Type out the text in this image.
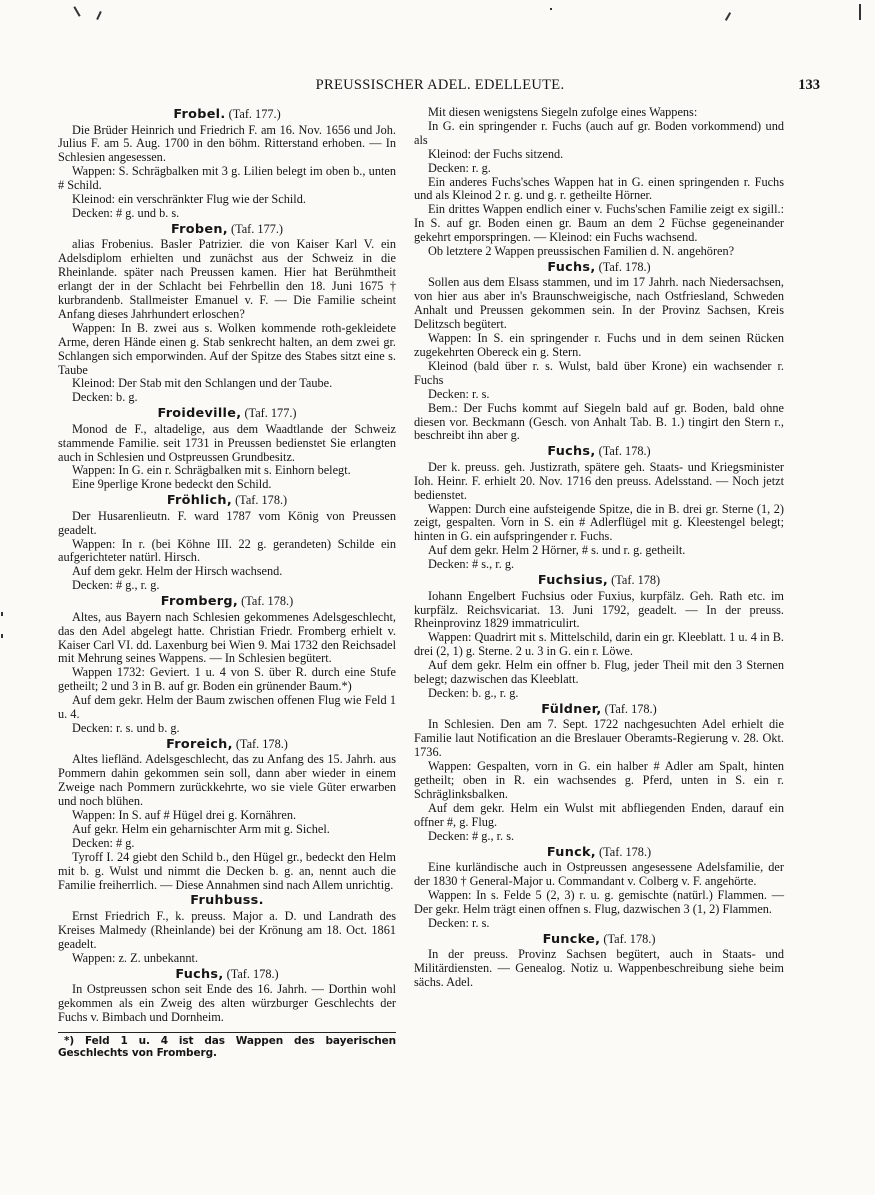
PREUSSISCHER ADEL. EDELLEUTE.	133
Frobel. (Taf. 177.)

Die Brüder Heinrich und Friedrich F. am 16. Nov. 1656 und Joh. Julius F. am 5. Aug. 1700 in den böhm. Ritterstand erhoben. — In Schlesien angesessen.

Wappen: S. Schrägbalken mit 3 g. Lilien belegt im oben b., unten # Schild.

Kleinod: ein verschränkter Flug wie der Schild.

Decken: # g. und b. s.

Froben, (Taf. 177.)

alias Frobenius. Basler Patrizier. die von Kaiser Karl V. ein Adelsdiplom erhielten und zunächst aus der Schweiz in die Rheinlande. später nach Preussen kamen. Hier hat Berühmtheit erlangt der in der Schlacht bei Fehrbellin den 18. Juni 1675 † kurbrandenb. Stallmeister Emanuel v. F. — Die Familie scheint Anfang dieses Jahrhundert erloschen?

Wappen: In B. zwei aus s. Wolken kommende roth-gekleidete Arme, deren Hände einen g. Stab senkrecht halten, an dem zwei gr. Schlangen sich emporwinden. Auf der Spitze des Stabes sitzt eine s. Taube

Kleinod: Der Stab mit den Schlangen und der Taube.

Decken: b. g.

Froideville, (Taf. 177.)

Monod de F., altadelige, aus dem Waadtlande der Schweiz stammende Familie. seit 1731 in Preussen bedienstet Sie erlangten auch in Schlesien und Ostpreussen Grundbesitz.

Wappen: In G. ein r. Schrägbalken mit s. Einhorn belegt.

Eine 9perlige Krone bedeckt den Schild.

Fröhlich, (Taf. 178.)

Der Husarenlieutn. F. ward 1787 vom König von Preussen geadelt.

Wappen: In r. (bei Köhne III. 22 g. gerandeten) Schilde ein aufgerichteter natürl. Hirsch.

Auf dem gekr. Helm der Hirsch wachsend.

Decken: # g., r. g.

Fromberg, (Taf. 178.)

Altes, aus Bayern nach Schlesien gekommenes Adelsgeschlecht, das den Adel abgelegt hatte. Christian Friedr. Fromberg erhielt v. Kaiser Carl VI. dd. Laxenburg bei Wien 9. Mai 1732 den Reichsadel mit Mehrung seines Wappens. — In Schlesien begütert.

Wappen 1732: Geviert. 1 u. 4 von S. über R. durch eine Stufe getheilt; 2 und 3 in B. auf gr. Boden ein grünender Baum.*)

Auf dem gekr. Helm der Baum zwischen offenen Flug wie Feld 1 u. 4.

Decken: r. s. und b. g.

Froreich, (Taf. 178.)

Altes liefländ. Adelsgeschlecht, das zu Anfang des 15. Jahrh. aus Pommern dahin gekommen sein soll, dann aber wieder in einem Zweige nach Pommern zurückkehrte, wo sie viele Güter erwarben und noch blühen.

Wappen: In S. auf # Hügel drei g. Kornähren.

Auf gekr. Helm ein geharnischter Arm mit g. Sichel.

Decken: # g.

Tyroff I. 24 giebt den Schild b., den Hügel gr., bedeckt den Helm mit b. g. Wulst und nimmt die Decken b. g. an, nennt auch die Familie freiherrlich. — Diese Annahmen sind nach Allem unrichtig.

Fruhbuss.

Ernst Friedrich F., k. preuss. Major a. D. und Landrath des Kreises Malmedy (Rheinlande) bei der Krönung am 18. Oct. 1861 geadelt.

Wappen: z. Z. unbekannt.

Fuchs, (Taf. 178.)

In Ostpreussen schon seit Ende des 16. Jahrh. — Dorthin wohl gekommen als ein Zweig des alten würzburger Geschlechts der Fuchs v. Bimbach und Dornheim.

*) Feld 1 u. 4 ist das Wappen des bayerischen Geschlechts von Fromberg.

Mit diesen wenigstens Siegeln zufolge eines Wappens:

In G. ein springender r. Fuchs (auch auf gr. Boden vorkommend) und als

Kleinod: der Fuchs sitzend.

Decken: r. g.

Ein anderes Fuchs'sches Wappen hat in G. einen springenden r. Fuchs und als Kleinod 2 r. g. und g. r. getheilte Hörner.

Ein drittes Wappen endlich einer v. Fuchs'schen Familie zeigt ex sigill.: In S. auf gr. Boden einen gr. Baum an dem 2 Füchse gegeneinander gekehrt emporspringen. — Kleinod: ein Fuchs wachsend.

Ob letztere 2 Wappen preussischen Familien d. N. angehören?

Fuchs, (Taf. 178.)

Sollen aus dem Elsass stammen, und im 17 Jahrh. nach Niedersachsen, von hier aus aber in's Braunschweigische, nach Ostfriesland, Schweden Anhalt und Preussen gekommen sein. In der Provinz Sachsen, Kreis Delitzsch begütert.

Wappen: In S. ein springender r. Fuchs und in dem seinen Rücken zugekehrten Obereck ein g. Stern.

Kleinod (bald über r. s. Wulst, bald über Krone) ein wachsender r. Fuchs

Decken: r. s.

Bem.: Der Fuchs kommt auf Siegeln bald auf gr. Boden, bald ohne diesen vor. Beckmann (Gesch. von Anhalt Tab. B. 1.) tingirt den Stern r., beschreibt ihn aber g.

Fuchs, (Taf. 178.)

Der k. preuss. geh. Justizrath, spätere geh. Staats- und Kriegsminister Ioh. Heinr. F. erhielt 20. Nov. 1716 den preuss. Adelsstand. — Noch jetzt bedienstet.

Wappen: Durch eine aufsteigende Spitze, die in B. drei gr. Sterne (1, 2) zeigt, gespalten. Vorn in S. ein # Adlerflügel mit g. Kleestengel belegt; hinten in G. ein aufspringender r. Fuchs.

Auf dem gekr. Helm 2 Hörner, # s. und r. g. getheilt.

Decken: # s., r. g.

Fuchsius, (Taf. 178)

Iohann Engelbert Fuchsius oder Fuxius, kurpfälz. Geh. Rath etc. im kurpfälz. Reichsvicariat. 13. Juni 1792, geadelt. — In der preuss. Rheinprovinz 1829 immatriculirt.

Wappen: Quadrirt mit s. Mittelschild, darin ein gr. Kleeblatt. 1 u. 4 in B. drei (2, 1) g. Sterne. 2 u. 3 in G. ein r. Löwe.

Auf dem gekr. Helm ein offner b. Flug, jeder Theil mit den 3 Sternen belegt; dazwischen das Kleeblatt.

Decken: b. g., r. g.

Füldner, (Taf. 178.)

In Schlesien. Den am 7. Sept. 1722 nachgesuchten Adel erhielt die Familie laut Notification an die Breslauer Oberamts-Regierung v. 28. Okt. 1736.

Wappen: Gespalten, vorn in G. ein halber # Adler am Spalt, hinten getheilt; oben in R. ein wachsendes g. Pferd, unten in S. ein r. Schräglinksbalken.

Auf dem gekr. Helm ein Wulst mit abfliegenden Enden, darauf ein offner #, g. Flug.

Decken: # g., r. s.

Funck, (Taf. 178.)

Eine kurländische auch in Ostpreussen angesessene Adelsfamilie, der der 1830 † General-Major u. Commandant v. Colberg v. F. angehörte.

Wappen: In s. Felde 5 (2, 3) r. u. g. gemischte (natürl.) Flammen. — Der gekr. Helm trägt einen offnen s. Flug, dazwischen 3 (1, 2) Flammen.

Decken: r. s.

Funcke, (Taf. 178.)

In der preuss. Provinz Sachsen begütert, auch in Staats- und Militärdiensten. — Genealog. Notiz u. Wappenbeschreibung siehe beim sächs. Adel.
